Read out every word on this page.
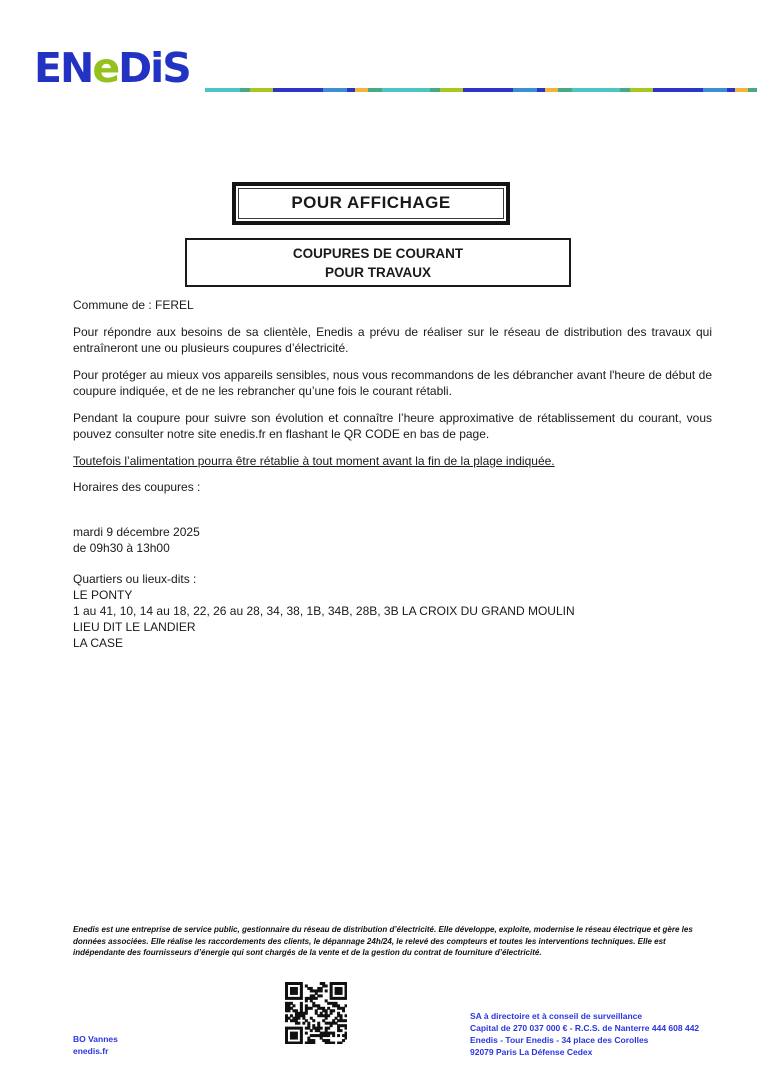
ENeDiS
POUR AFFICHAGE
COUPURES DE COURANT
POUR TRAVAUX

Commune de : FEREL

Pour répondre aux besoins de sa clientèle, Enedis a prévu de réaliser sur le réseau de distribution des travaux qui entraîneront une ou plusieurs coupures d’électricité.

Pour protéger au mieux vos appareils sensibles, nous vous recommandons de les débrancher avant l'heure de début de coupure indiquée, et de ne les rebrancher qu’une fois le courant rétabli.

Pendant la coupure pour suivre son évolution et connaître l’heure approximative de rétablissement du courant, vous pouvez consulter notre site enedis.fr en flashant le QR CODE en bas de page.

Toutefois l’alimentation pourra être rétablie à tout moment avant la fin de la plage indiquée.

Horaires des coupures :

mardi 9 décembre 2025
de 09h30 à 13h00
Quartiers ou lieux-dits :
LE PONTY
1 au 41, 10, 14 au 18, 22, 26 au 28, 34, 38, 1B, 34B, 28B, 3B LA CROIX DU GRAND MOULIN
LIEU DIT LE LANDIER
LA CASE
Enedis est une entreprise de service public, gestionnaire du réseau de distribution d’électricité. Elle développe, exploite, modernise le réseau électrique et gère les données associées. Elle réalise les raccordements des clients, le dépannage 24h/24, le relevé des compteurs et toutes les interventions techniques. Elle est indépendante des fournisseurs d’énergie qui sont chargés de la vente et de la gestion du contrat de fourniture d’électricité.
SA à directoire et à conseil de surveillance
Capital de 270 037 000 € - R.C.S. de Nanterre 444 608 442
Enedis - Tour Enedis - 34 place des Corolles
92079 Paris La Défense Cedex
BO Vannes
enedis.fr
